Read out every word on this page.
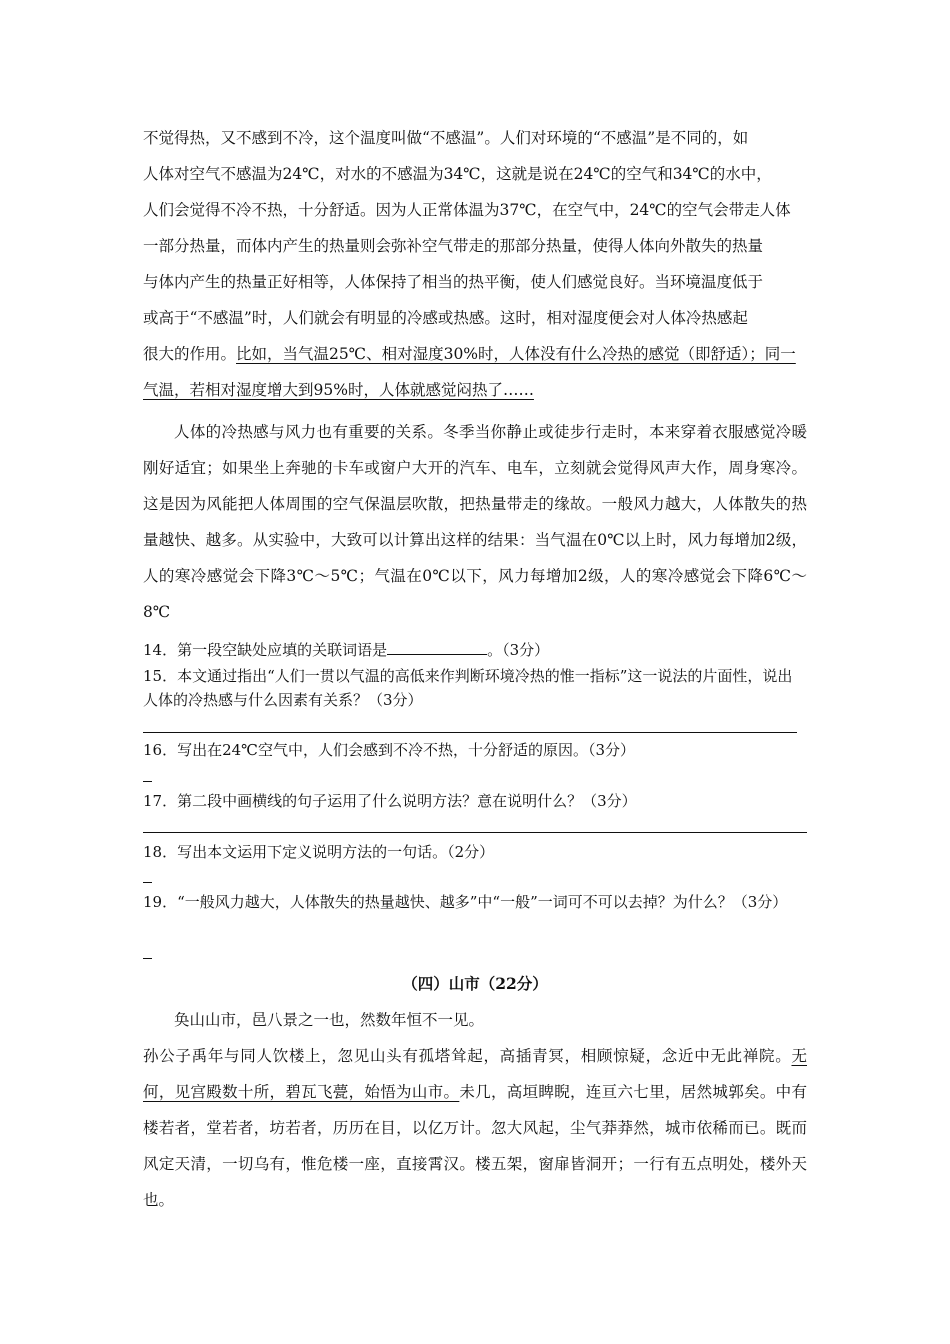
不觉得热，又不感到不冷，这个温度叫做“不感温”。人们对环境的“不感温”是不同的，如

人体对空气不感温为24℃，对水的不感温为34℃，这就是说在24℃的空气和34℃的水中，

人们会觉得不冷不热，十分舒适。因为人正常体温为37℃，在空气中，24℃的空气会带走人体

一部分热量，而体内产生的热量则会弥补空气带走的那部分热量，使得人体向外散失的热量

与体内产生的热量正好相等，人体保持了相当的热平衡，使人们感觉良好。当环境温度低于

或高于“不感温”时，人们就会有明显的冷感或热感。这时，相对湿度便会对人体冷热感起

很大的作用。比如，当气温25℃、相对湿度30%时，人体没有什么冷热的感觉（即舒适）；同一

气温，若相对湿度增大到95%时，人体就感觉闷热了……

人体的冷热感与风力也有重要的关系。冬季当你静止或徒步行走时，本来穿着衣服感觉冷暖刚好适宜；如果坐上奔驰的卡车或窗户大开的汽车、电车，立刻就会觉得风声大作，周身寒冷。这是因为风能把人体周围的空气保温层吹散，把热量带走的缘故。一般风力越大，人体散失的热量越快、越多。从实验中，大致可以计算出这样的结果：当气温在0℃以上时，风力每增加2级，人的寒冷感觉会下降3℃～5℃；气温在0℃以下，风力每增加2级，人的寒冷感觉会下降6℃～8℃

14．第一段空缺处应填的关联词语是	。（3分）

15．本文通过指出“人们一贯以气温的高低来作判断环境冷热的惟一指标”这一说法的片面性，说出人体的冷热感与什么因素有关系？（3分）

16．写出在24℃空气中，人们会感到不冷不热，十分舒适的原因。（3分）

17．第二段中画横线的句子运用了什么说明方法？意在说明什么？（3分）

18．写出本文运用下定义说明方法的一句话。（2分）

19．“一般风力越大，人体散失的热量越快、越多”中“一般”一词可不可以去掉？为什么？（3分）

（四）山市（22分）

奂山山市，邑八景之一也，然数年恒不一见。

孙公子禹年与同人饮楼上，忽见山头有孤塔耸起，高插青冥，相顾惊疑，念近中无此禅院。无何，见宫殿数十所，碧瓦飞甍，始悟为山市。未几，高垣睥睨，连亘六七里，居然城郭矣。中有楼若者，堂若者，坊若者，历历在目，以亿万计。忽大风起，尘气莽莽然，城市依稀而已。既而风定天清，一切乌有，惟危楼一座，直接霄汉。楼五架，窗扉皆洞开；一行有五点明处，楼外天也。
